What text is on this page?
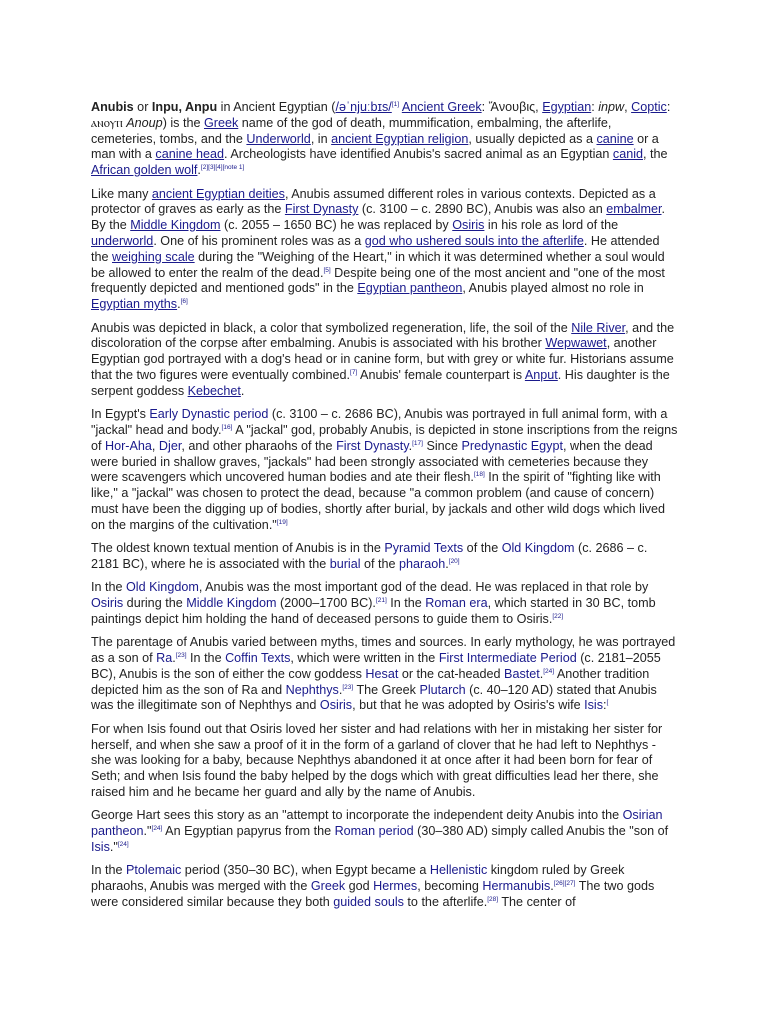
Anubis or Inpu, Anpu in Ancient Egyptian (/əˈnjuːbɪs/[1] Ancient Greek: Ἄνουβις, Egyptian: inpw, Coptic: ⲁⲛⲟⲩⲡ Anoup) is the Greek name of the god of death, mummification, embalming, the afterlife, cemeteries, tombs, and the Underworld, in ancient Egyptian religion, usually depicted as a canine or a man with a canine head. Archeologists have identified Anubis's sacred animal as an Egyptian canid, the African golden wolf.[2][3][4][note 1]

Like many ancient Egyptian deities, Anubis assumed different roles in various contexts. Depicted as a protector of graves as early as the First Dynasty (c. 3100 – c. 2890 BC), Anubis was also an embalmer. By the Middle Kingdom (c. 2055 – 1650 BC) he was replaced by Osiris in his role as lord of the underworld. One of his prominent roles was as a god who ushered souls into the afterlife. He attended the weighing scale during the "Weighing of the Heart," in which it was determined whether a soul would be allowed to enter the realm of the dead.[5] Despite being one of the most ancient and "one of the most frequently depicted and mentioned gods" in the Egyptian pantheon, Anubis played almost no role in Egyptian myths.[6]

Anubis was depicted in black, a color that symbolized regeneration, life, the soil of the Nile River, and the discoloration of the corpse after embalming. Anubis is associated with his brother Wepwawet, another Egyptian god portrayed with a dog's head or in canine form, but with grey or white fur. Historians assume that the two figures were eventually combined.[7] Anubis' female counterpart is Anput. His daughter is the serpent goddess Kebechet.

In Egypt's Early Dynastic period (c. 3100 – c. 2686 BC), Anubis was portrayed in full animal form, with a "jackal" head and body.[16] A "jackal" god, probably Anubis, is depicted in stone inscriptions from the reigns of Hor-Aha, Djer, and other pharaohs of the First Dynasty.[17] Since Predynastic Egypt, when the dead were buried in shallow graves, "jackals" had been strongly associated with cemeteries because they were scavengers which uncovered human bodies and ate their flesh.[18] In the spirit of "fighting like with like," a "jackal" was chosen to protect the dead, because "a common problem (and cause of concern) must have been the digging up of bodies, shortly after burial, by jackals and other wild dogs which lived on the margins of the cultivation."[19]

The oldest known textual mention of Anubis is in the Pyramid Texts of the Old Kingdom (c. 2686 – c. 2181 BC), where he is associated with the burial of the pharaoh.[20]

In the Old Kingdom, Anubis was the most important god of the dead. He was replaced in that role by Osiris during the Middle Kingdom (2000–1700 BC).[21] In the Roman era, which started in 30 BC, tomb paintings depict him holding the hand of deceased persons to guide them to Osiris.[22]

The parentage of Anubis varied between myths, times and sources. In early mythology, he was portrayed as a son of Ra.[23] In the Coffin Texts, which were written in the First Intermediate Period (c. 2181–2055 BC), Anubis is the son of either the cow goddess Hesat or the cat-headed Bastet.[24] Another tradition depicted him as the son of Ra and Nephthys.[23] The Greek Plutarch (c. 40–120 AD) stated that Anubis was the illegitimate son of Nephthys and Osiris, but that he was adopted by Osiris's wife Isis:[

For when Isis found out that Osiris loved her sister and had relations with her in mistaking her sister for herself, and when she saw a proof of it in the form of a garland of clover that he had left to Nephthys - she was looking for a baby, because Nephthys abandoned it at once after it had been born for fear of Seth; and when Isis found the baby helped by the dogs which with great difficulties lead her there, she raised him and he became her guard and ally by the name of Anubis.

George Hart sees this story as an "attempt to incorporate the independent deity Anubis into the Osirian pantheon."[24] An Egyptian papyrus from the Roman period (30–380 AD) simply called Anubis the "son of Isis."[24]

In the Ptolemaic period (350–30 BC), when Egypt became a Hellenistic kingdom ruled by Greek pharaohs, Anubis was merged with the Greek god Hermes, becoming Hermanubis.[26][27] The two gods were considered similar because they both guided souls to the afterlife.[28] The center of
